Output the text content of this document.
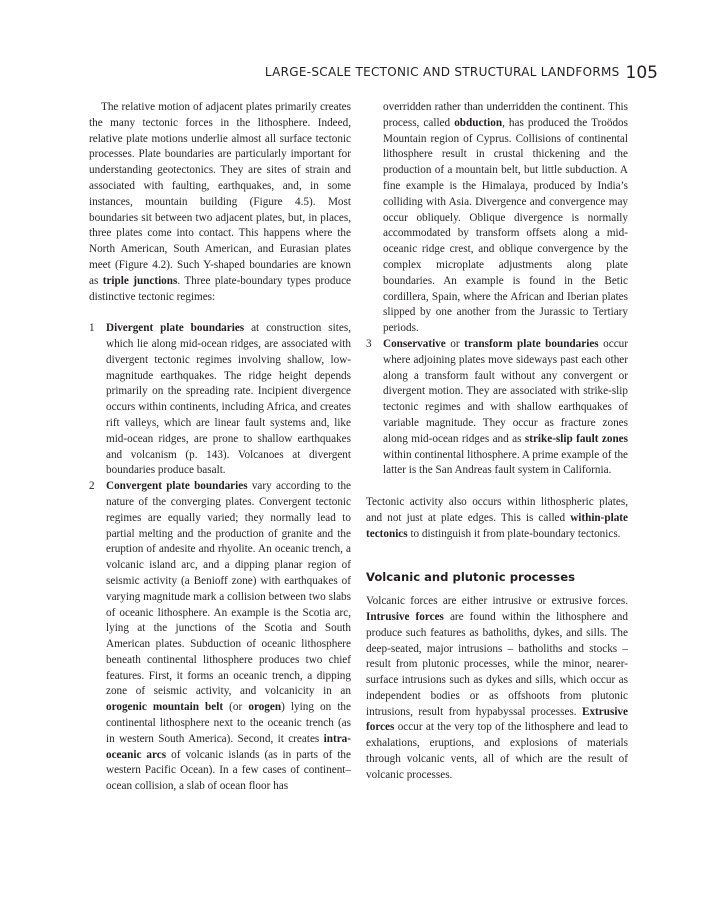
LARGE-SCALE TECTONIC AND STRUCTURAL LANDFORMS 105

The relative motion of adjacent plates primarily creates the many tectonic forces in the lithosphere. Indeed, relative plate motions underlie almost all surface tectonic processes. Plate boundaries are particularly important for understanding geotectonics. They are sites of strain and associated with faulting, earthquakes, and, in some instances, mountain building (Figure 4.5). Most boundaries sit between two adjacent plates, but, in places, three plates come into contact. This happens where the North American, South American, and Eurasian plates meet (Figure 4.2). Such Y-shaped boundaries are known as triple junctions. Three plate-boundary types produce distinctive tectonic regimes:

1 Divergent plate boundaries at construction sites, which lie along mid-ocean ridges, are associated with divergent tectonic regimes involving shallow, low-magnitude earthquakes. The ridge height depends primarily on the spreading rate. Incipient divergence occurs within continents, including Africa, and creates rift valleys, which are linear fault systems and, like mid-ocean ridges, are prone to shallow earthquakes and volcanism (p. 143). Volcanoes at divergent boundaries produce basalt.
2 Convergent plate boundaries vary according to the nature of the converging plates. Convergent tectonic regimes are equally varied; they normally lead to partial melting and the production of granite and the eruption of andesite and rhyolite. An oceanic trench, a volcanic island arc, and a dipping planar region of seismic activity (a Benioff zone) with earthquakes of varying magnitude mark a collision between two slabs of oceanic lithosphere. An example is the Scotia arc, lying at the junctions of the Scotia and South American plates. Subduction of oceanic lithosphere beneath continental lithosphere produces two chief features. First, it forms an oceanic trench, a dipping zone of seismic activity, and volcanicity in an orogenic mountain belt (or orogen) lying on the continental lithosphere next to the oceanic trench (as in western South America). Second, it creates intra-oceanic arcs of volcanic islands (as in parts of the western Pacific Ocean). In a few cases of continent–ocean collision, a slab of ocean floor has
overridden rather than underridden the continent. This process, called obduction, has produced the Troödos Mountain region of Cyprus. Collisions of continental lithosphere result in crustal thickening and the production of a mountain belt, but little subduction. A fine example is the Himalaya, produced by India’s colliding with Asia. Divergence and convergence may occur obliquely. Oblique divergence is normally accommodated by transform offsets along a mid-oceanic ridge crest, and oblique convergence by the complex microplate adjustments along plate boundaries. An example is found in the Betic cordillera, Spain, where the African and Iberian plates slipped by one another from the Jurassic to Tertiary periods.
3 Conservative or transform plate boundaries occur where adjoining plates move sideways past each other along a transform fault without any convergent or divergent motion. They are associated with strike-slip tectonic regimes and with shallow earthquakes of variable magnitude. They occur as fracture zones along mid-ocean ridges and as strike-slip fault zones within continental lithosphere. A prime example of the latter is the San Andreas fault system in California.

Tectonic activity also occurs within lithospheric plates, and not just at plate edges. This is called within-plate tectonics to distinguish it from plate-boundary tectonics.

Volcanic and plutonic processes

Volcanic forces are either intrusive or extrusive forces. Intrusive forces are found within the lithosphere and produce such features as batholiths, dykes, and sills. The deep-seated, major intrusions – batholiths and stocks – result from plutonic processes, while the minor, nearer-surface intrusions such as dykes and sills, which occur as independent bodies or as offshoots from plutonic intrusions, result from hypabyssal processes. Extrusive forces occur at the very top of the lithosphere and lead to exhalations, eruptions, and explosions of materials through volcanic vents, all of which are the result of volcanic processes.
